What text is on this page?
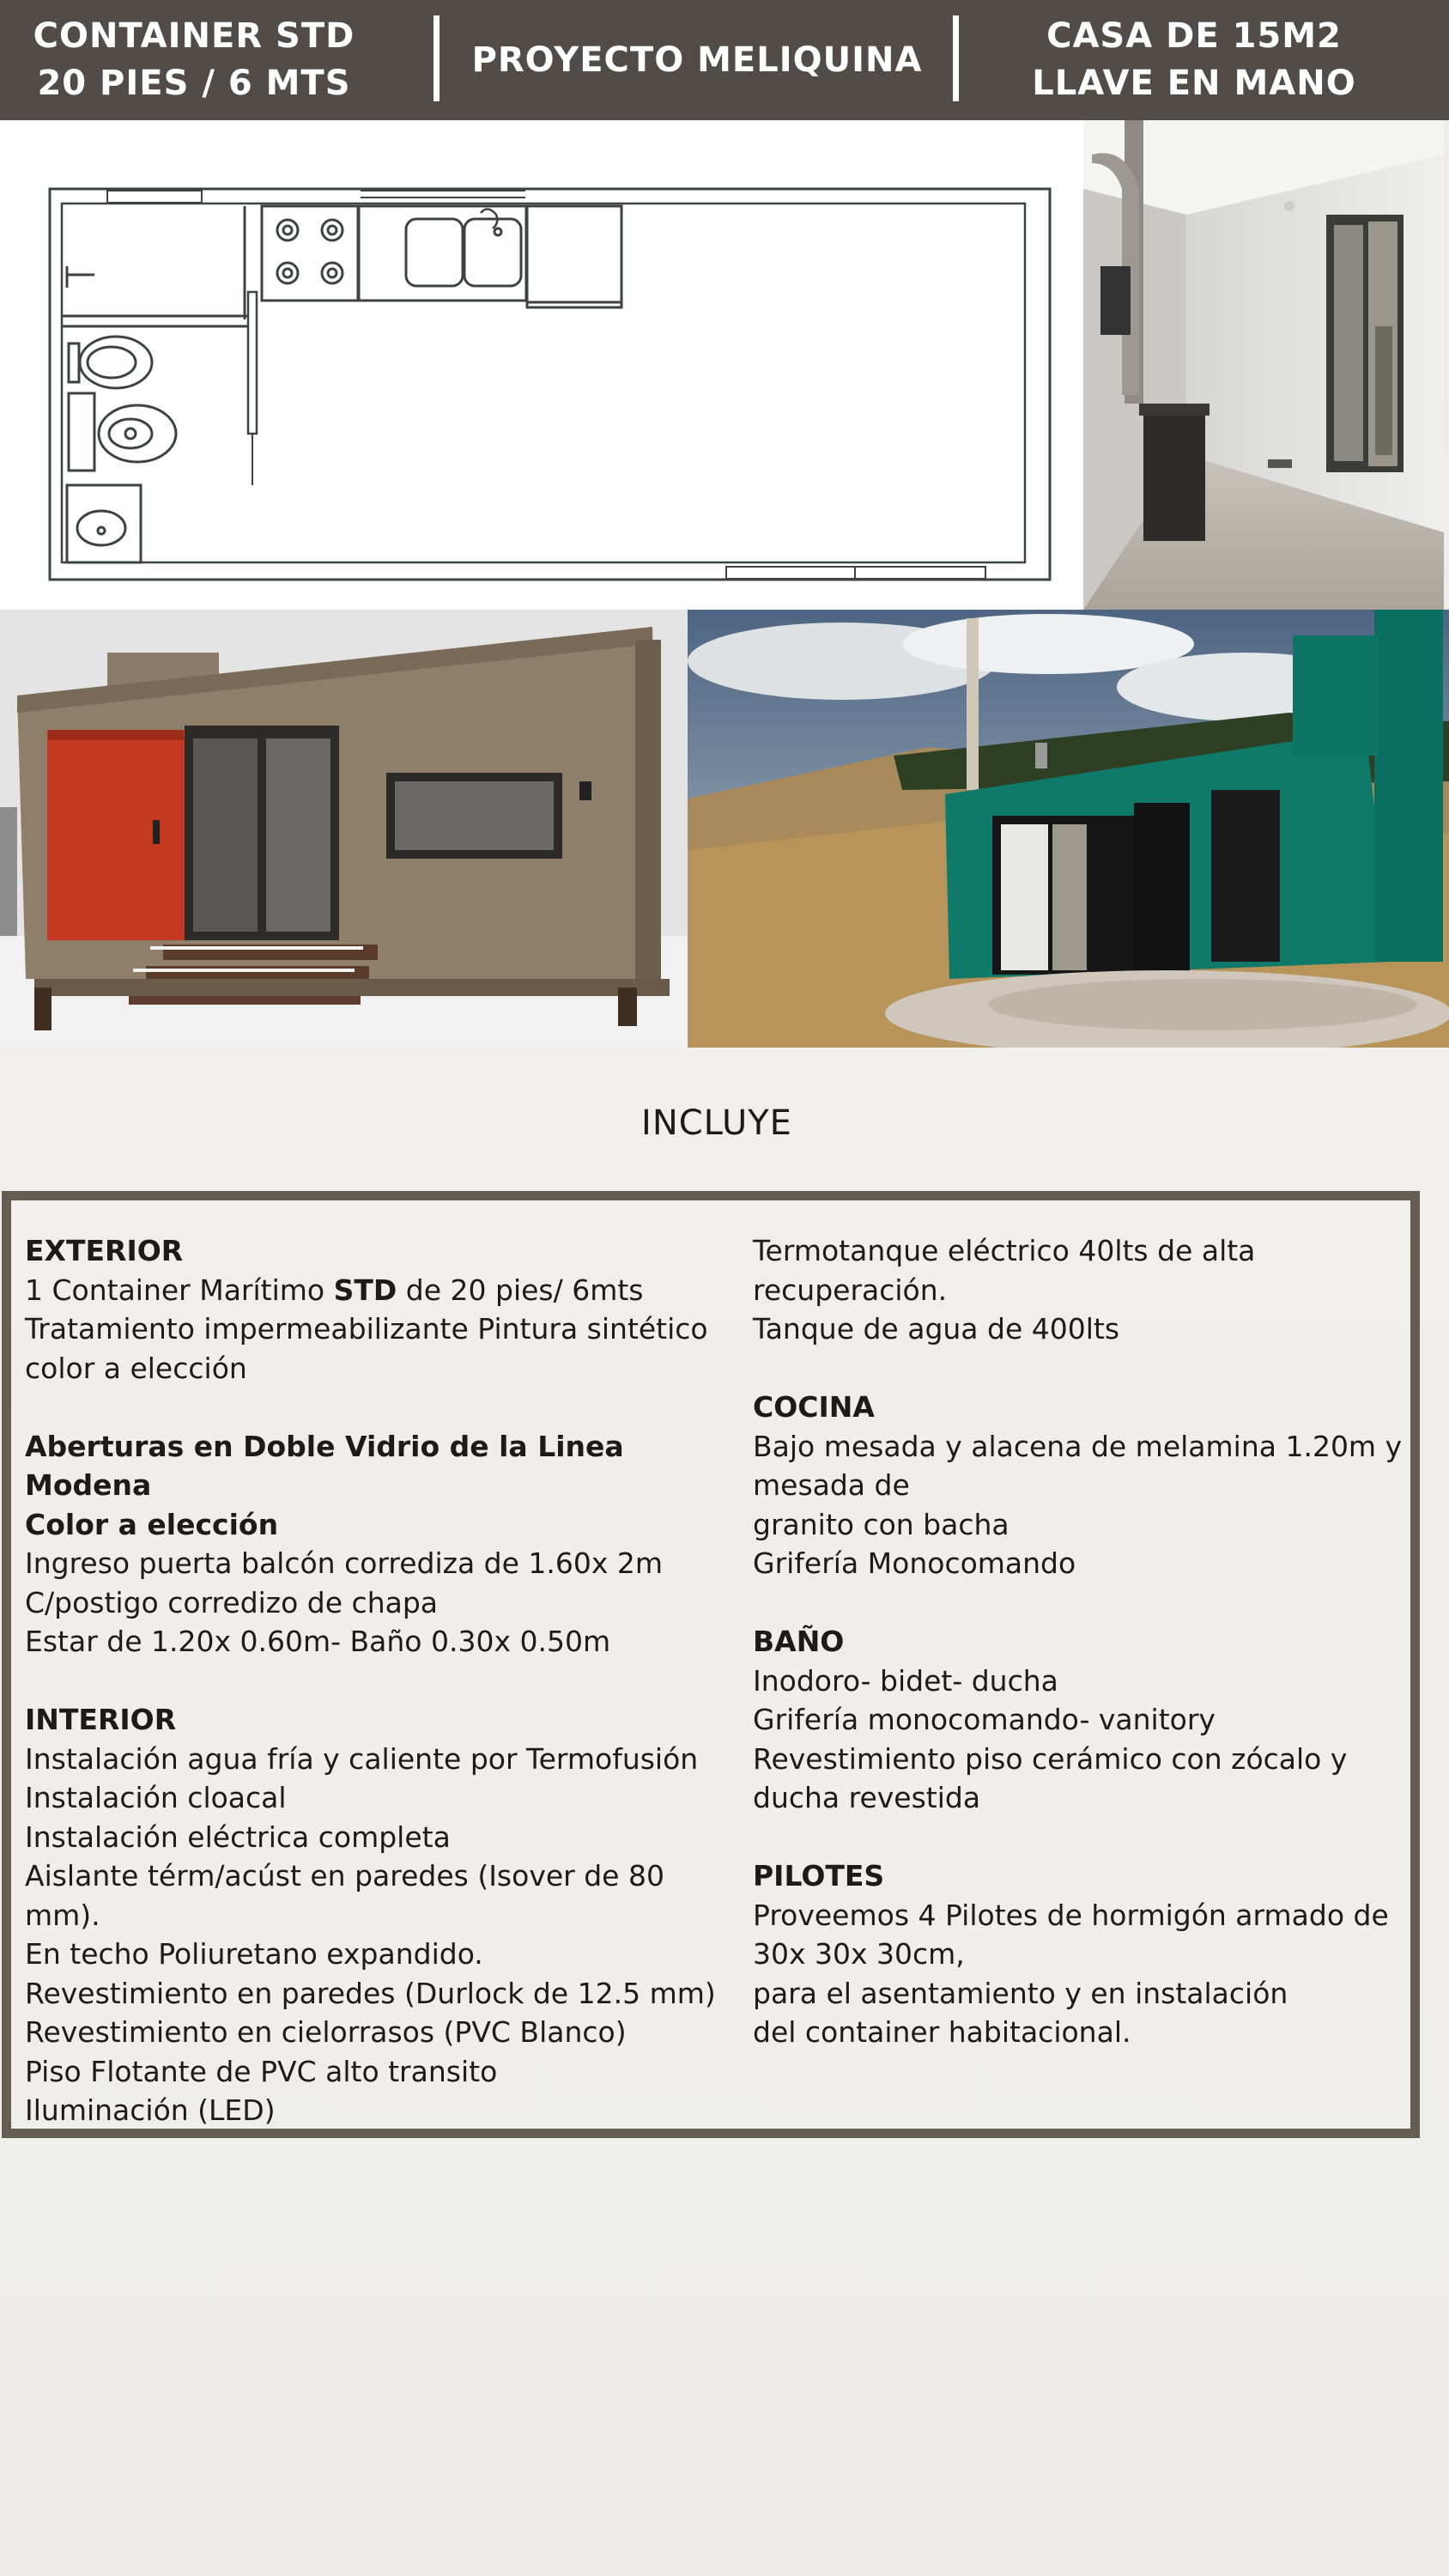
CONTAINER STD
20 PIES / 6 MTS
PROYECTO MELIQUINA
CASA DE 15M2
LLAVE EN MANO
INCLUYE

EXTERIOR

1 Container Marítimo STD de 20 pies/ 6mts

Tratamiento impermeabilizante Pintura sintético color a elección

Aberturas en Doble Vidrio de la Linea Modena

Color a elección

Ingreso puerta balcón corrediza de 1.60x 2m

C/postigo corredizo de chapa

Estar de 1.20x 0.60m- Baño 0.30x 0.50m

INTERIOR

Instalación agua fría y caliente por Termofusión

Instalación cloacal

Instalación eléctrica completa

Aislante térm/acúst en paredes (Isover de 80 mm).

En techo Poliuretano expandido.

Revestimiento en paredes (Durlock de 12.5 mm)

Revestimiento en cielorrasos (PVC Blanco)

Piso Flotante de PVC alto transito

Iluminación (LED)

Termotanque eléctrico 40lts de alta recuperación.

Tanque de agua de 400lts

COCINA

Bajo mesada y alacena de melamina 1.20m y mesada de

granito con bacha

Grifería Monocomando

BAÑO

Inodoro- bidet- ducha

Grifería monocomando- vanitory

Revestimiento piso cerámico con zócalo y ducha revestida

PILOTES

Proveemos 4 Pilotes de hormigón armado de 30x 30x 30cm,

para el asentamiento y en instalación

del container habitacional.
